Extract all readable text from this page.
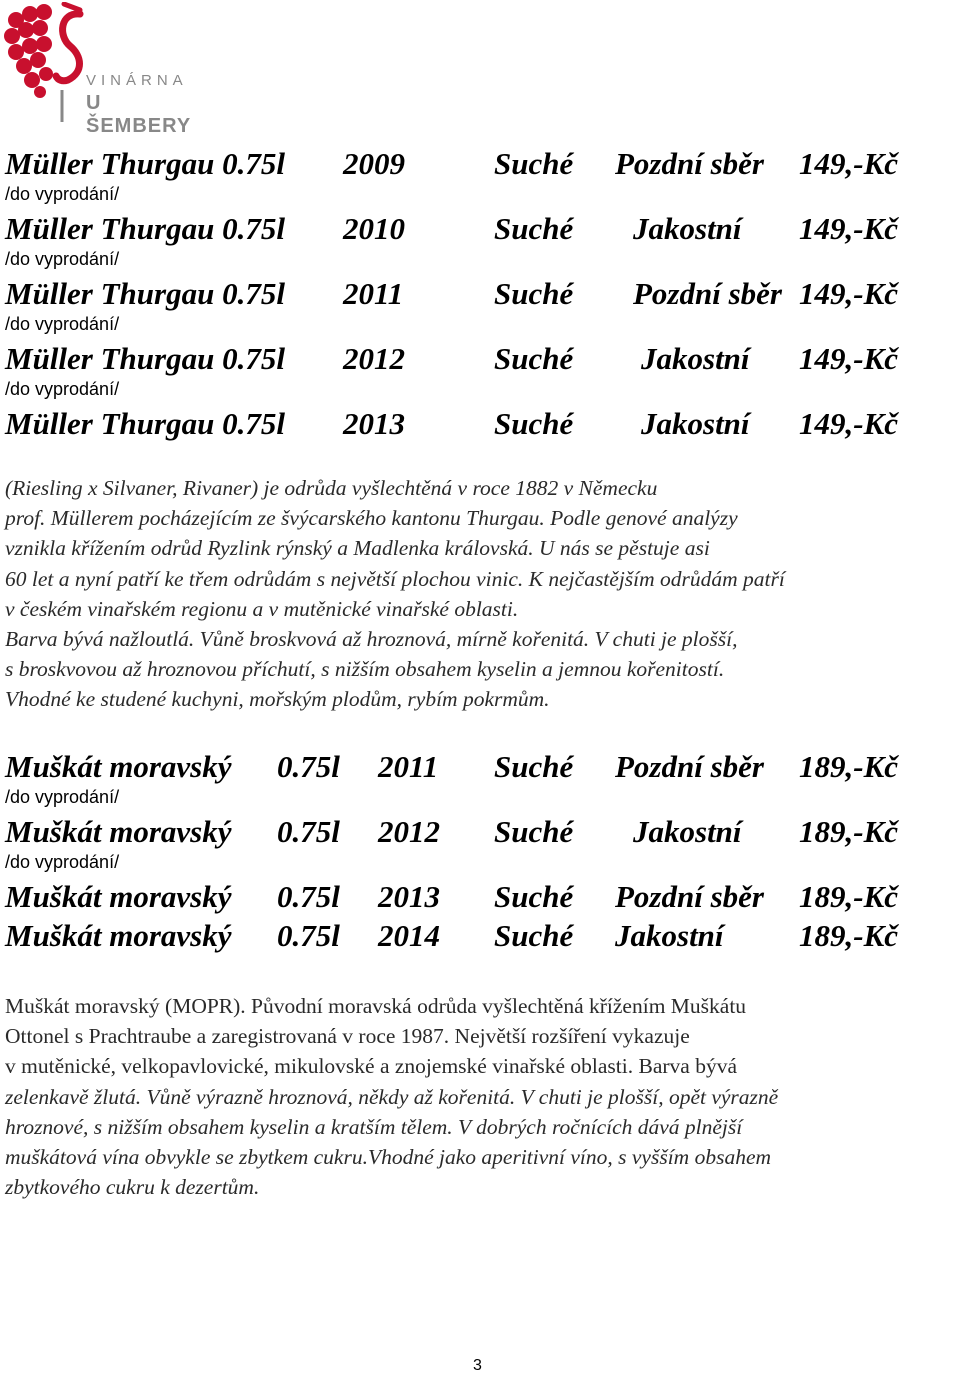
VINÁRNA
U ŠEMBERY
Müller Thurgau 0.75l 2009	Suché Pozdní sběr 149,-Kč
/do vyprodání/
Müller Thurgau 0.75l 2010	Suché Jakostní 149,-Kč
/do vyprodání/
Müller Thurgau 0.75l 2011	Suché Pozdní sběr 149,-Kč
/do vyprodání/
Müller Thurgau 0.75l 2012	Suché Jakostní 149,-Kč
/do vyprodání/
Müller Thurgau 0.75l 2013	Suché Jakostní 149,-Kč

(Riesling x Silvaner, Rivaner) je odrůda vyšlechtěná v roce 1882 v Německu

prof. Müllerem pocházejícím ze švýcarského kantonu Thurgau. Podle genové analýzy

vznikla křížením odrůd Ryzlink rýnský a Madlenka královská. U nás se pěstuje asi

60 let a nyní patří ke třem odrůdám s největší plochou vinic. K nejčastějším odrůdám patří

v českém vinařském regionu a v mutěnické vinařské oblasti.

Barva bývá nažloutlá. Vůně broskvová až hroznová, mírně kořenitá. V chuti je plošší,

s broskvovou až hroznovou příchutí, s nižším obsahem kyselin a jemnou kořenitostí.

Vhodné ke studené kuchyni, mořským plodům, rybím pokrmům.

Muškát moravský 0.75l 2011 Suché Pozdní sběr 189,-Kč
/do vyprodání/
Muškát moravský 0.75l 2012 Suché Jakostní 189,-Kč
/do vyprodání/
Muškát moravský 0.75l 2013 Suché Pozdní sběr 189,-Kč
Muškát moravský 0.75l 2014 Suché Jakostní 189,-Kč

Muškát moravský (MOPR). Původní moravská odrůda vyšlechtěná křížením Muškátu

Ottonel s Prachtraube a zaregistrovaná v roce 1987. Největší rozšíření vykazuje

v mutěnické, velkopavlovické, mikulovské a znojemské vinařské oblasti. Barva bývá

zelenkavě žlutá. Vůně výrazně hroznová, někdy až kořenitá. V chuti je plošší, opět výrazně

hroznové, s nižším obsahem kyselin a kratším tělem. V dobrých ročnících dává plnější

muškátová vína obvykle se zbytkem cukru.Vhodné jako aperitivní víno, s vyšším obsahem

zbytkového cukru k dezertům.

3
